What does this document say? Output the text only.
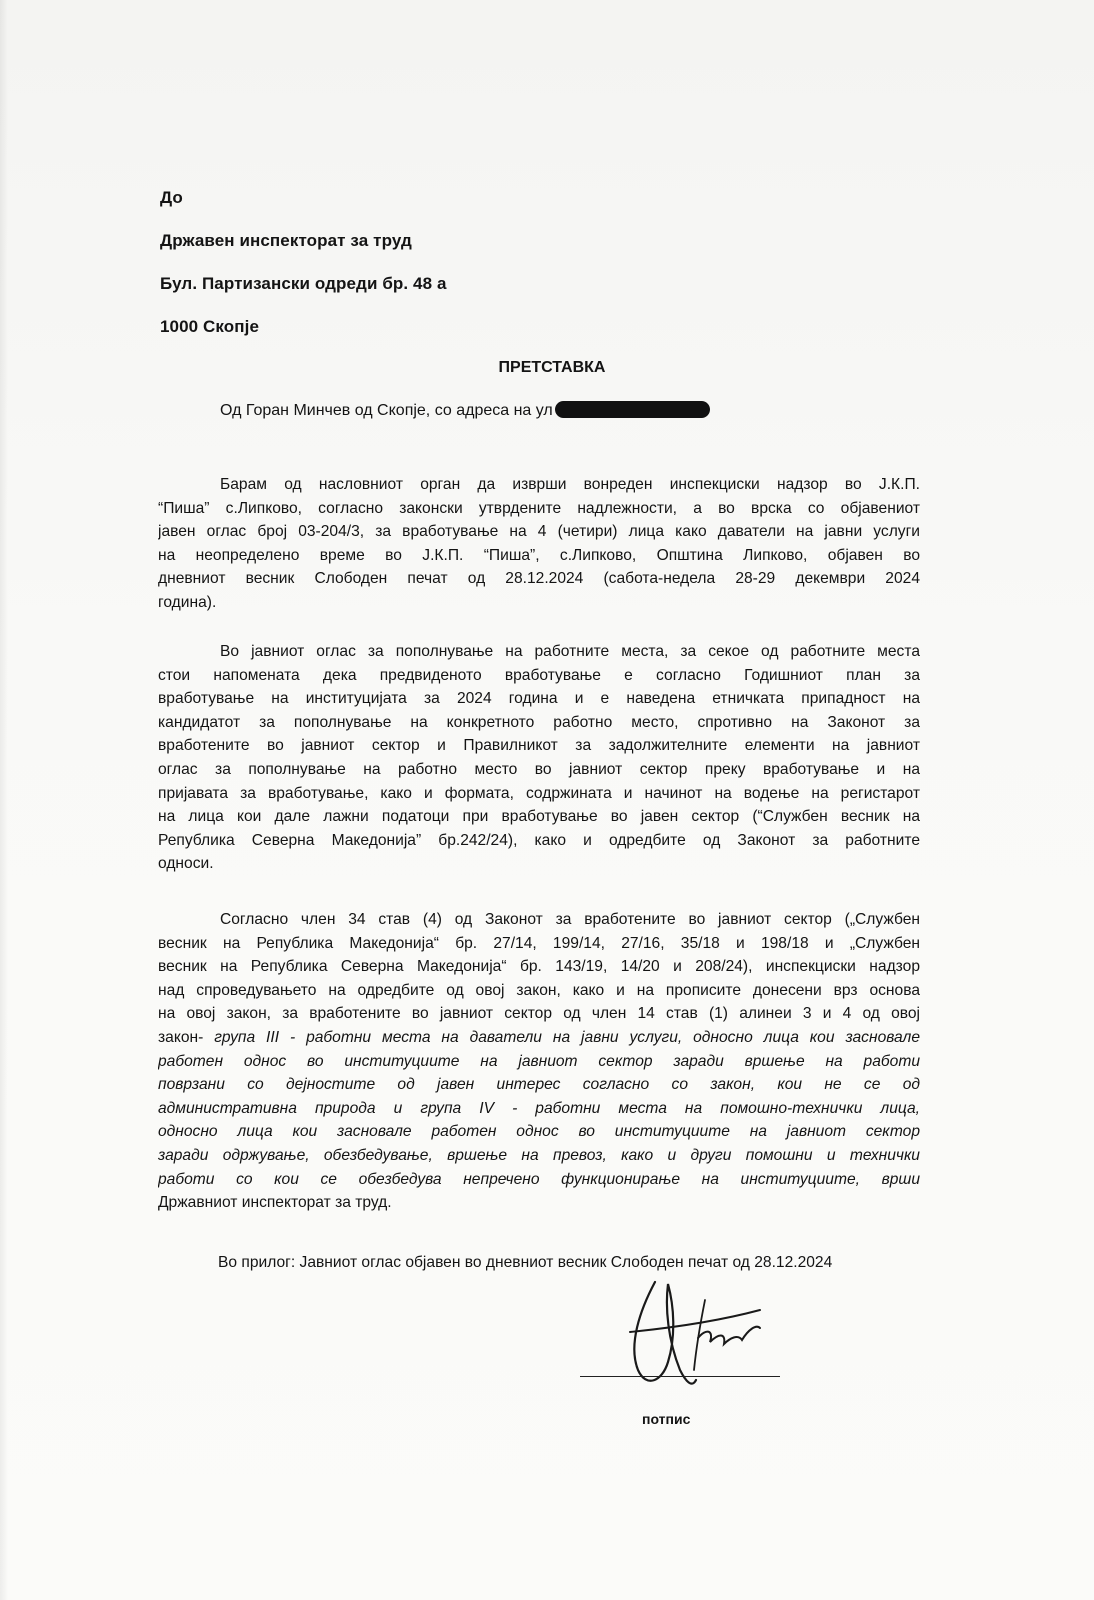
До
Државен инспекторат за труд
Бул. Партизански одреди бр. 48 а
1000 Скопје
ПРЕТСТАВКА
Од Горан Минчев од Скопје, со адреса на ул
Барам од насловниот орган да изврши вонреден инспекциски надзор во Ј.К.П.
“Пиша” с.Липково, согласно законски утврдените надлежности, а во врска со објавениот
јавен оглас број 03-204/3, за вработување на 4 (четири) лица како даватели на јавни услуги
на неопределено време во Ј.К.П. “Пиша”, с.Липково, Општина Липково, објавен во
дневниот весник Слободен печат од 28.12.2024 (сабота-недела 28-29 декември 2024
година).
Во јавниот оглас за пополнување на работните места, за секое од работните места
стои напомената дека предвиденото вработување е согласно Годишниот план за
вработување на институцијата за 2024 година и е наведена етничката припадност на
кандидатот за пополнување на конкретното работно место, спротивно на Законот за
вработените во јавниот сектор и Правилникот за задолжителните елементи на јавниот
оглас за пополнување на работно место во јавниот сектор преку вработување и на
пријавата за вработување, како и формата, содржината и начинот на водење на регистарот
на лица кои дале лажни податоци при вработување во јавен сектор (“Службен весник на
Република Северна Македонија” бр.242/24), како и одредбите од Законот за работните
односи.
Согласно член 34 став (4) од Законот за вработените во јавниот сектор („Службен
весник на Република Македонија“ бр. 27/14, 199/14, 27/16, 35/18 и 198/18 и „Службен
весник на Република Северна Македонија“ бр. 143/19, 14/20 и 208/24), инспекциски надзор
над спроведувањето на одредбите од овој закон, како и на прописите донесени врз основа
на овој закон, за вработените во јавниот сектор од член 14 став (1) алинеи 3 и 4 од овој
закон- група III - работни места на даватели на јавни услуги, односно лица кои засновале
работен однос во институциите на јавниот сектор заради вршење на работи
поврзани со дејностите од јавен интерес согласно со закон, кои не се од
административна природа и група IV - работни места на помошно-технички лица,
односно лица кои засновале работен однос во институциите на јавниот сектор
заради одржување, обезбедување, вршење на превоз, како и други помошни и технички
работи со кои се обезбедува непречено функционирање на институциите, врши
Државниот инспекторат за труд.
Во прилог: Јавниот оглас објавен во дневниот весник Слободен печат од 28.12.2024
потпис
